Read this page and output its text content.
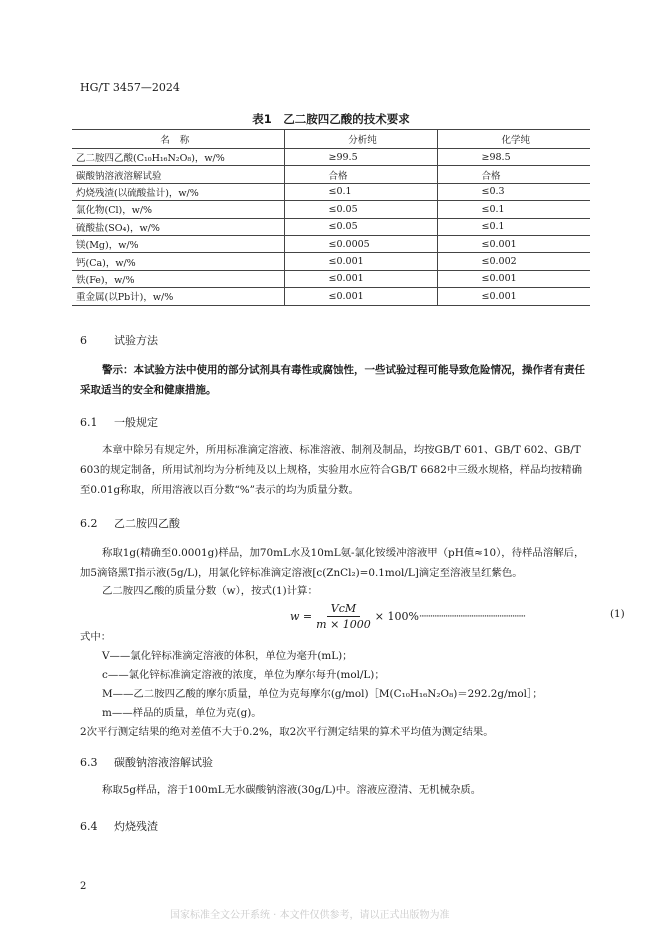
HG/T 3457—2024
表1　乙二胺四乙酸的技术要求
名称	分析纯	化学纯
乙二胺四乙酸(C₁₀H₁₆N₂O₈)，w/%	≥99.5	≥98.5
碳酸钠溶液溶解试验	合格	合格
灼烧残渣(以硫酸盐计)，w/%	≤0.1	≤0.3
氯化物(Cl)，w/%	≤0.05	≤0.1
硫酸盐(SO₄)，w/%	≤0.05	≤0.1
镁(Mg)，w/%	≤0.0005	≤0.001
钙(Ca)，w/%	≤0.001	≤0.002
铁(Fe)，w/%	≤0.001	≤0.001
重金属(以Pb计)，w/%	≤0.001	≤0.001
6 试验方法
警示：本试验方法中使用的部分试剂具有毒性或腐蚀性，一些试验过程可能导致危险情况，操作者有责任采取适当的安全和健康措施。
6.1 一般规定
本章中除另有规定外，所用标准滴定溶液、标准溶液、制剂及制品，均按GB/T 601、GB/T 602、GB/T 603的规定制备，所用试剂均为分析纯及以上规格，实验用水应符合GB/T 6682中三级水规格，样品均按精确至0.01g称取，所用溶液以百分数“%”表示的均为质量分数。
6.2 乙二胺四乙酸
称取1g(精确至0.0001g)样品，加70mL水及10mL氨-氯化铵缓冲溶液甲（pH值≈10），待样品溶解后，加5滴铬黑T指示液(5g/L)，用氯化锌标准滴定溶液[c(ZnCl₂)=0.1mol/L]滴定至溶液呈红紫色。
乙二胺四乙酸的质量分数（w），按式(1)计算：
$w = \frac{\text{VcM}}{m \times 1000} \times 100\%$ ·························································	(1)
式中：
V——氯化锌标准滴定溶液的体积，单位为毫升(mL)；
c——氯化锌标准滴定溶液的浓度，单位为摩尔每升(mol/L)；
M——乙二胺四乙酸的摩尔质量，单位为克每摩尔(g/mol)［M(C₁₀H₁₆N₂O₈)＝292.2g/mol］；
m——样品的质量，单位为克(g)。
2次平行测定结果的绝对差值不大于0.2%，取2次平行测定结果的算术平均值为测定结果。
6.3 碳酸钠溶液溶解试验
称取5g样品，溶于100mL无水碳酸钠溶液(30g/L)中。溶液应澄清、无机械杂质。
6.4 灼烧残渣
2
国家标准全文公开系统 · 本文件仅供参考，请以正式出版物为准
